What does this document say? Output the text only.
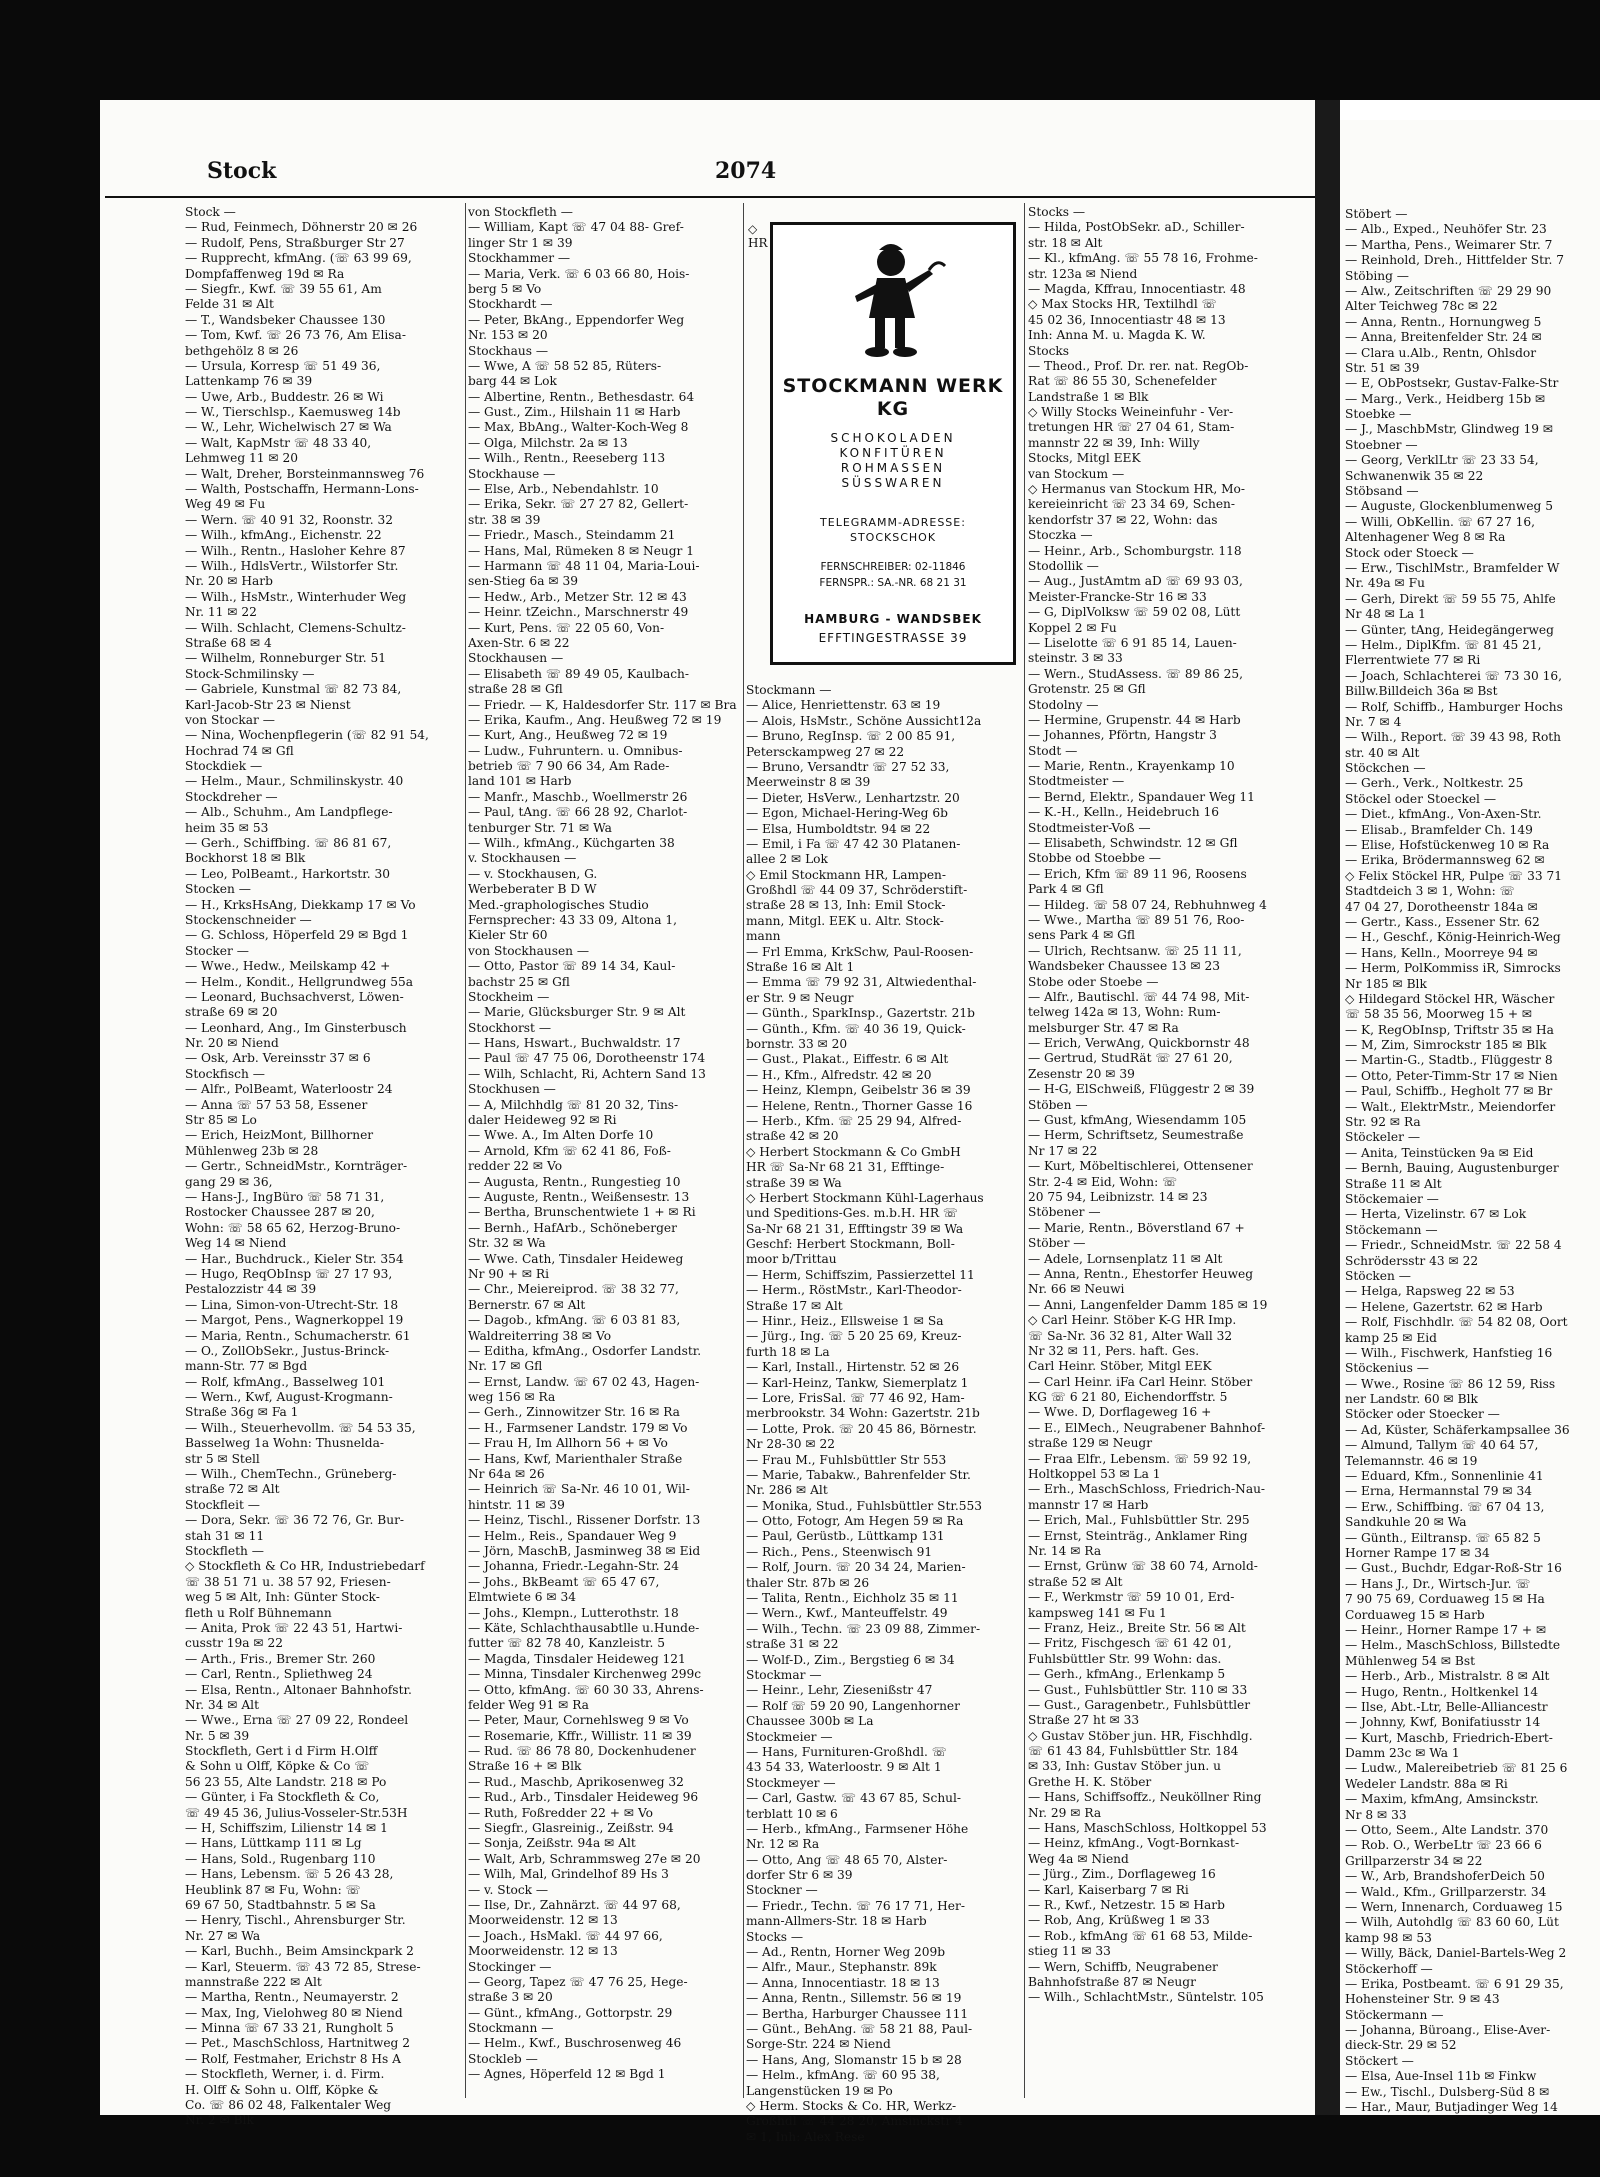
Stock	2074
Stock —
— Rud, Feinmech, Döhnerstr 20 ✉ 26
— Rudolf, Pens, Straßburger Str 27
— Rupprecht, kfmAng. (☏ 63 99 69,
Dompfaffenweg 19d ✉ Ra
— Siegfr., Kwf. ☏ 39 55 61, Am
Felde 31 ✉ Alt
— T., Wandsbeker Chaussee 130
— Tom, Kwf. ☏ 26 73 76, Am Elisa-
bethgehölz 8 ✉ 26
— Ursula, Korresp ☏ 51 49 36,
Lattenkamp 76 ✉ 39
— Uwe, Arb., Buddestr. 26 ✉ Wi
— W., Tierschlsp., Kaemusweg 14b
— W., Lehr, Wichelwisch 27 ✉ Wa
— Walt, KapMstr ☏ 48 33 40,
Lehmweg 11 ✉ 20
— Walt, Dreher, Borsteinmannsweg 76
— Walth, Postschaffn, Hermann-Lons-
Weg 49 ✉ Fu
— Wern. ☏ 40 91 32, Roonstr. 32
— Wilh., kfmAng., Eichenstr. 22
— Wilh., Rentn., Hasloher Kehre 87
— Wilh., HdlsVertr., Wilstorfer Str.
Nr. 20 ✉ Harb
— Wilh., HsMstr., Winterhuder Weg
Nr. 11 ✉ 22
— Wilh. Schlacht, Clemens-Schultz-
Straße 68 ✉ 4
— Wilhelm, Ronneburger Str. 51
Stock-Schmilinsky —
— Gabriele, Kunstmal ☏ 82 73 84,
Karl-Jacob-Str 23 ✉ Nienst
von Stockar —
— Nina, Wochenpflegerin (☏ 82 91 54,
Hochrad 74 ✉ Gfl
Stockdiek —
— Helm., Maur., Schmilinskystr. 40
Stockdreher —
— Alb., Schuhm., Am Landpflege-
heim 35 ✉ 53
— Gerh., Schiffbing. ☏ 86 81 67,
Bockhorst 18 ✉ Blk
— Leo, PolBeamt., Harkortstr. 30
Stocken —
— H., KrksHsAng, Diekkamp 17 ✉ Vo
Stockenschneider —
— G. Schloss, Höperfeld 29 ✉ Bgd 1
Stocker —
— Wwe., Hedw., Meilskamp 42 +
— Helm., Kondit., Hellgrundweg 55a
— Leonard, Buchsachverst, Löwen-
straße 69 ✉ 20
— Leonhard, Ang., Im Ginsterbusch
Nr. 20 ✉ Niend
— Osk, Arb. Vereinsstr 37 ✉ 6
Stockfisch —
— Alfr., PolBeamt, Waterloostr 24
— Anna ☏ 57 53 58, Essener
Str 85 ✉ Lo
— Erich, HeizMont, Billhorner
Mühlenweg 23b ✉ 28
— Gertr., SchneidMstr., Kornträger-
gang 29 ✉ 36,
— Hans-J., IngBüro ☏ 58 71 31,
Rostocker Chaussee 287 ✉ 20,
Wohn: ☏ 58 65 62, Herzog-Bruno-
Weg 14 ✉ Niend
— Har., Buchdruck., Kieler Str. 354
— Hugo, ReqObInsp ☏ 27 17 93,
Pestalozzistr 44 ✉ 39
— Lina, Simon-von-Utrecht-Str. 18
— Margot, Pens., Wagnerkoppel 19
— Maria, Rentn., Schumacherstr. 61
— O., ZollObSekr., Justus-Brinck-
mann-Str. 77 ✉ Bgd
— Rolf, kfmAng., Basselweg 101
— Wern., Kwf, August-Krogmann-
Straße 36g ✉ Fa 1
— Wilh., Steuerhevollm. ☏ 54 53 35,
Basselweg 1a Wohn: Thusnelda-
str 5 ✉ Stell
— Wilh., ChemTechn., Grüneberg-
straße 72 ✉ Alt
Stockfleit —
— Dora, Sekr. ☏ 36 72 76, Gr. Bur-
stah 31 ✉ 11
Stockfleth —
◇ Stockfleth & Co HR, Industriebedarf
☏ 38 51 71 u. 38 57 92, Friesen-
weg 5 ✉ Alt, Inh: Günter Stock-
fleth u Rolf Bühnemann
— Anita, Prok ☏ 22 43 51, Hartwi-
cusstr 19a ✉ 22
— Arth., Fris., Bremer Str. 260
— Carl, Rentn., Spliethweg 24
— Elsa, Rentn., Altonaer Bahnhofstr.
Nr. 34 ✉ Alt
— Wwe., Erna ☏ 27 09 22, Rondeel
Nr. 5 ✉ 39
Stockfleth, Gert i d Firm H.Olff
& Sohn u Olff, Köpke & Co ☏
56 23 55, Alte Landstr. 218 ✉ Po
— Günter, i Fa Stockfleth & Co,
☏ 49 45 36, Julius-Vosseler-Str.53H
— H, Schiffszim, Lilienstr 14 ✉ 1
— Hans, Lüttkamp 111 ✉ Lg
— Hans, Sold., Rugenbarg 110
— Hans, Lebensm. ☏ 5 26 43 28,
Heublink 87 ✉ Fu, Wohn: ☏
69 67 50, Stadtbahnstr. 5 ✉ Sa
— Henry, Tischl., Ahrensburger Str.
Nr. 27 ✉ Wa
— Karl, Buchh., Beim Amsinckpark 2
— Karl, Steuerm. ☏ 43 72 85, Strese-
mannstraße 222 ✉ Alt
— Martha, Rentn., Neumayerstr. 2
— Max, Ing, Vielohweg 80 ✉ Niend
— Minna ☏ 67 33 21, Rungholt 5
— Pet., MaschSchloss, Hartnitweg 2
— Rolf, Festmaher, Erichstr 8 Hs A
— Stockfleth, Werner, i. d. Firm.
H. Olff & Sohn u. Olff, Köpke &
Co. ☏ 86 02 48, Falkentaler Weg
Nr. 2 ✉ Blk
von Stockfleth —
— William, Kapt ☏ 47 04 88- Gref-
linger Str 1 ✉ 39
Stockhammer —
— Maria, Verk. ☏ 6 03 66 80, Hois-
berg 5 ✉ Vo
Stockhardt —
— Peter, BkAng., Eppendorfer Weg
Nr. 153 ✉ 20
Stockhaus —
— Wwe, A ☏ 58 52 85, Rüters-
barg 44 ✉ Lok
— Albertine, Rentn., Bethesdastr. 64
— Gust., Zim., Hilshain 11 ✉ Harb
— Max, BbAng., Walter-Koch-Weg 8
— Olga, Milchstr. 2a ✉ 13
— Wilh., Rentn., Reeseberg 113
Stockhause —
— Else, Arb., Nebendahlstr. 10
— Erika, Sekr. ☏ 27 27 82, Gellert-
str. 38 ✉ 39
— Friedr., Masch., Steindamm 21
— Hans, Mal, Rümeken 8 ✉ Neugr 1
— Harmann ☏ 48 11 04, Maria-Loui-
sen-Stieg 6a ✉ 39
— Hedw., Arb., Metzer Str. 12 ✉ 43
— Heinr. tZeichn., Marschnerstr 49
— Kurt, Pens. ☏ 22 05 60, Von-
Axen-Str. 6 ✉ 22
Stockhausen —
— Elisabeth ☏ 89 49 05, Kaulbach-
straße 28 ✉ Gfl
— Friedr. — K, Haldesdorfer Str. 117 ✉ Bra
— Erika, Kaufm., Ang. Heußweg 72 ✉ 19
— Kurt, Ang., Heußweg 72 ✉ 19
— Ludw., Fuhruntern. u. Omnibus-
betrieb ☏ 7 90 66 34, Am Rade-
land 101 ✉ Harb
— Manfr., Maschb., Woellmerstr 26
— Paul, tAng. ☏ 66 28 92, Charlot-
tenburger Str. 71 ✉ Wa
— Wilh., kfmAng., Küchgarten 38
v. Stockhausen —
— v. Stockhausen, G.
Werbeberater B D W
Med.-graphologisches Studio
Fernsprecher: 43 33 09, Altona 1,
Kieler Str 60
von Stockhausen —
— Otto, Pastor ☏ 89 14 34, Kaul-
bachstr 25 ✉ Gfl
Stockheim —
— Marie, Glücksburger Str. 9 ✉ Alt
Stockhorst —
— Hans, Hswart., Buchwaldstr. 17
— Paul ☏ 47 75 06, Dorotheenstr 174
— Wilh, Schlacht, Ri, Achtern Sand 13
Stockhusen —
— A, Milchhdlg ☏ 81 20 32, Tins-
daler Heideweg 92 ✉ Ri
— Wwe. A., Im Alten Dorfe 10
— Arnold, Kfm ☏ 62 41 86, Foß-
redder 22 ✉ Vo
— Augusta, Rentn., Rungestieg 10
— Auguste, Rentn., Weißensestr. 13
— Bertha, Brunschentwiete 1 + ✉ Ri
— Bernh., HafArb., Schöneberger
Str. 32 ✉ Wa
— Wwe. Cath, Tinsdaler Heideweg
Nr 90 + ✉ Ri
— Chr., Meiereiprod. ☏ 38 32 77,
Bernerstr. 67 ✉ Alt
— Dagob., kfmAng. ☏ 6 03 81 83,
Waldreiterring 38 ✉ Vo
— Editha, kfmAng., Osdorfer Landstr.
Nr. 17 ✉ Gfl
— Ernst, Landw. ☏ 67 02 43, Hagen-
weg 156 ✉ Ra
— Gerh., Zinnowitzer Str. 16 ✉ Ra
— H., Farmsener Landstr. 179 ✉ Vo
— Frau H, Im Allhorn 56 + ✉ Vo
— Hans, Kwf, Marienthaler Straße
Nr 64a ✉ 26
— Heinrich ☏ Sa-Nr. 46 10 01, Wil-
hintstr. 11 ✉ 39
— Heinz, Tischl., Rissener Dorfstr. 13
— Helm., Reis., Spandauer Weg 9
— Jörn, MaschB, Jasminweg 38 ✉ Eid
— Johanna, Friedr.-Legahn-Str. 24
— Johs., BkBeamt ☏ 65 47 67,
Elmtwiete 6 ✉ 34
— Johs., Klempn., Lutterothstr. 18
— Käte, Schlachthausabtlle u.Hunde-
futter ☏ 82 78 40, Kanzleistr. 5
— Magda, Tinsdaler Heideweg 121
— Minna, Tinsdaler Kirchenweg 299c
— Otto, kfmAng. ☏ 60 30 33, Ahrens-
felder Weg 91 ✉ Ra
— Peter, Maur, Cornehlsweg 9 ✉ Vo
— Rosemarie, Kffr., Willistr. 11 ✉ 39
— Rud. ☏ 86 78 80, Dockenhudener
Straße 16 + ✉ Blk
— Rud., Maschb, Aprikosenweg 32
— Rud., Arb., Tinsdaler Heideweg 96
— Ruth, Foßredder 22 + ✉ Vo
— Siegfr., Glasreinig., Zeißstr. 94
— Sonja, Zeißstr. 94a ✉ Alt
— Walt, Arb, Schrammsweg 27e ✉ 20
— Wilh, Mal, Grindelhof 89 Hs 3
— v. Stock —
— Ilse, Dr., Zahnärzt. ☏ 44 97 68,
Moorweidenstr. 12 ✉ 13
— Joach., HsMakl. ☏ 44 97 66,
Moorweidenstr. 12 ✉ 13
Stockinger —
— Georg, Tapez ☏ 47 76 25, Hege-
straße 3 ✉ 20
— Günt., kfmAng., Gottorpstr. 29
Stockmann —
— Helm., Kwf., Buschrosenweg 46
Stockleb —
— Agnes, Höperfeld 12 ✉ Bgd 1
Stockmann —
— Alice, Henriettenstr. 63 ✉ 19
— Alois, HsMstr., Schöne Aussicht12a
— Bruno, RegInsp. ☏ 2 00 85 91,
Petersckampweg 27 ✉ 22
— Bruno, Versandtr ☏ 27 52 33,
Meerweinstr 8 ✉ 39
— Dieter, HsVerw., Lenhartzstr. 20
— Egon, Michael-Hering-Weg 6b
— Elsa, Humboldtstr. 94 ✉ 22
— Emil, i Fa ☏ 47 42 30 Platanen-
allee 2 ✉ Lok
◇ Emil Stockmann HR, Lampen-
Großhdl ☏ 44 09 37, Schröderstift-
straße 28 ✉ 13, Inh: Emil Stock-
mann, Mitgl. EEK u. Altr. Stock-
mann
— Frl Emma, KrkSchw, Paul-Roosen-
Straße 16 ✉ Alt 1
— Emma ☏ 79 92 31, Altwiedenthal-
er Str. 9 ✉ Neugr
— Günth., SparkInsp., Gazertstr. 21b
— Günth., Kfm. ☏ 40 36 19, Quick-
bornstr. 33 ✉ 20
— Gust., Plakat., Eiffestr. 6 ✉ Alt
— H., Kfm., Alfredstr. 42 ✉ 20
— Heinz, Klempn, Geibelstr 36 ✉ 39
— Helene, Rentn., Thorner Gasse 16
— Herb., Kfm. ☏ 25 29 94, Alfred-
straße 42 ✉ 20
◇ Herbert Stockmann & Co GmbH
HR ☏ Sa-Nr 68 21 31, Efftinge-
straße 39 ✉ Wa
◇ Herbert Stockmann Kühl-Lagerhaus
und Speditions-Ges. m.b.H. HR ☏
Sa-Nr 68 21 31, Efftingstr 39 ✉ Wa
Geschf: Herbert Stockmann, Boll-
moor b/Trittau
— Herm, Schiffszim, Passierzettel 11
— Herm., RöstMstr., Karl-Theodor-
Straße 17 ✉ Alt
— Hinr., Heiz., Ellsweise 1 ✉ Sa
— Jürg., Ing. ☏ 5 20 25 69, Kreuz-
furth 18 ✉ La
— Karl, Install., Hirtenstr. 52 ✉ 26
— Karl-Heinz, Tankw, Siemerplatz 1
— Lore, FrisSal. ☏ 77 46 92, Ham-
merbrookstr. 34 Wohn: Gazertstr. 21b
— Lotte, Prok. ☏ 20 45 86, Börnestr.
Nr 28-30 ✉ 22
— Frau M., Fuhlsbüttler Str 553
— Marie, Tabakw., Bahrenfelder Str.
Nr. 286 ✉ Alt
— Monika, Stud., Fuhlsbüttler Str.553
— Otto, Fotogr, Am Hegen 59 ✉ Ra
— Paul, Gerüstb., Lüttkamp 131
— Rich., Pens., Steenwisch 91
— Rolf, Journ. ☏ 20 34 24, Marien-
thaler Str. 87b ✉ 26
— Talita, Rentn., Eichholz 35 ✉ 11
— Wern., Kwf., Manteuffelstr. 49
— Wilh., Techn. ☏ 23 09 88, Zimmer-
straße 31 ✉ 22
— Wolf-D., Zim., Bergstieg 6 ✉ 34
Stockmar —
— Heinr., Lehr, Ziesenißstr 47
— Rolf ☏ 59 20 90, Langenhorner
Chaussee 300b ✉ La
Stockmeier —
— Hans, Furnituren-Großhdl. ☏
43 54 33, Waterloostr. 9 ✉ Alt 1
Stockmeyer —
— Carl, Gastw. ☏ 43 67 85, Schul-
terblatt 10 ✉ 6
— Herb., kfmAng., Farmsener Höhe
Nr. 12 ✉ Ra
— Otto, Ang ☏ 48 65 70, Alster-
dorfer Str 6 ✉ 39
Stockner —
— Friedr., Techn. ☏ 76 17 71, Her-
mann-Allmers-Str. 18 ✉ Harb
Stocks —
— Ad., Rentn, Horner Weg 209b
— Alfr., Maur., Stephanstr. 89k
— Anna, Innocentiastr. 18 ✉ 13
— Anna, Rentn., Sillemstr. 56 ✉ 19
— Bertha, Harburger Chaussee 111
— Günt., BehAng. ☏ 58 21 88, Paul-
Sorge-Str. 224 ✉ Niend
— Hans, Ang, Slomanstr 15 b ✉ 28
— Helm., kfmAng. ☏ 60 95 38,
Langenstücken 19 ✉ Po
◇ Herm. Stocks & Co. HR, Werkz-
Großhdl ☏ 44 28 20, Amsinckstr 4
✉ 1, Inh: Alex Rese
Stocks —
— Hilda, PostObSekr. aD., Schiller-
str. 18 ✉ Alt
— Kl., kfmAng. ☏ 55 78 16, Frohme-
str. 123a ✉ Niend
— Magda, Kffrau, Innocentiastr. 48
◇ Max Stocks HR, Textilhdl ☏
45 02 36, Innocentiastr 48 ✉ 13
Inh: Anna M. u. Magda K. W.
Stocks
— Theod., Prof. Dr. rer. nat. RegOb-
Rat ☏ 86 55 30, Schenefelder
Landstraße 1 ✉ Blk
◇ Willy Stocks Weineinfuhr - Ver-
tretungen HR ☏ 27 04 61, Stam-
mannstr 22 ✉ 39, Inh: Willy
Stocks, Mitgl EEK
van Stockum —
◇ Hermanus van Stockum HR, Mo-
kereieinricht ☏ 23 34 69, Schen-
kendorfstr 37 ✉ 22, Wohn: das
Stoczka —
— Heinr., Arb., Schomburgstr. 118
Stodollik —
— Aug., JustAmtm aD ☏ 69 93 03,
Meister-Francke-Str 16 ✉ 33
— G, DiplVolksw ☏ 59 02 08, Lütt
Koppel 2 ✉ Fu
— Liselotte ☏ 6 91 85 14, Lauen-
steinstr. 3 ✉ 33
— Wern., StudAssess. ☏ 89 86 25,
Grotenstr. 25 ✉ Gfl
Stodolny —
— Hermine, Grupenstr. 44 ✉ Harb
— Johannes, Pförtn, Hangstr 3
Stodt —
— Marie, Rentn., Krayenkamp 10
Stodtmeister —
— Bernd, Elektr., Spandauer Weg 11
— K.-H., Kelln., Heidebruch 16
Stodtmeister-Voß —
— Elisabeth, Schwindstr. 12 ✉ Gfl
Stobbe od Stoebbe —
— Erich, Kfm ☏ 89 11 96, Roosens
Park 4 ✉ Gfl
— Hildeg. ☏ 58 07 24, Rebhuhnweg 4
— Wwe., Martha ☏ 89 51 76, Roo-
sens Park 4 ✉ Gfl
— Ulrich, Rechtsanw. ☏ 25 11 11,
Wandsbeker Chaussee 13 ✉ 23
Stobe oder Stoebe —
— Alfr., Bautischl. ☏ 44 74 98, Mit-
telweg 142a ✉ 13, Wohn: Rum-
melsburger Str. 47 ✉ Ra
— Erich, VerwAng, Quickbornstr 48
— Gertrud, StudRät ☏ 27 61 20,
Zesenstr 20 ✉ 39
— H-G, ElSchweiß, Flüggestr 2 ✉ 39
Stöben —
— Gust, kfmAng, Wiesendamm 105
— Herm, Schriftsetz, Seumestraße
Nr 17 ✉ 22
— Kurt, Möbeltischlerei, Ottensener
Str. 2-4 ✉ Eid, Wohn: ☏
20 75 94, Leibnizstr. 14 ✉ 23
Stöbener —
— Marie, Rentn., Böverstland 67 +
Stöber —
— Adele, Lornsenplatz 11 ✉ Alt
— Anna, Rentn., Ehestorfer Heuweg
Nr. 66 ✉ Neuwi
— Anni, Langenfelder Damm 185 ✉ 19
◇ Carl Heinr. Stöber K-G HR Imp.
☏ Sa-Nr. 36 32 81, Alter Wall 32
Nr 32 ✉ 11, Pers. haft. Ges.
Carl Heinr. Stöber, Mitgl EEK
— Carl Heinr. iFa Carl Heinr. Stöber
KG ☏ 6 21 80, Eichendorffstr. 5
— Wwe. D, Dorflageweg 16 +
— E., ElMech., Neugrabener Bahnhof-
straße 129 ✉ Neugr
— Fraa Elfr., Lebensm. ☏ 59 92 19,
Holtkoppel 53 ✉ La 1
— Erh., MaschSchloss, Friedrich-Nau-
mannstr 17 ✉ Harb
— Erich, Mal., Fuhlsbüttler Str. 295
— Ernst, Steinträg., Anklamer Ring
Nr. 14 ✉ Ra
— Ernst, Grünw ☏ 38 60 74, Arnold-
straße 52 ✉ Alt
— F., Werkmstr ☏ 59 10 01, Erd-
kampsweg 141 ✉ Fu 1
— Franz, Heiz., Breite Str. 56 ✉ Alt
— Fritz, Fischgesch ☏ 61 42 01,
Fuhlsbüttler Str. 99 Wohn: das.
— Gerh., kfmAng., Erlenkamp 5
— Gust., Fuhlsbüttler Str. 110 ✉ 33
— Gust., Garagenbetr., Fuhlsbüttler
Straße 27 ht ✉ 33
◇ Gustav Stöber jun. HR, Fischhdlg.
☏ 61 43 84, Fuhlsbüttler Str. 184
✉ 33, Inh: Gustav Stöber jun. u
Grethe H. K. Stöber
— Hans, Schiffsoffz., Neuköllner Ring
Nr. 29 ✉ Ra
— Hans, MaschSchloss, Holtkoppel 53
— Heinz, kfmAng., Vogt-Bornkast-
Weg 4a ✉ Niend
— Jürg., Zim., Dorflageweg 16
— Karl, Kaiserbarg 7 ✉ Ri
— R., Kwf., Netzestr. 15 ✉ Harb
— Rob, Ang, Krüßweg 1 ✉ 33
— Rob., kfmAng ☏ 61 68 53, Milde-
stieg 11 ✉ 33
— Wern, Schiffb, Neugrabener
Bahnhofstraße 87 ✉ Neugr
— Wilh., SchlachtMstr., Süntelstr. 105
Stöbert —
— Alb., Exped., Neuhöfer Str. 23
— Martha, Pens., Weimarer Str. 7
— Reinhold, Dreh., Hittfelder Str. 7
Stöbing —
— Alw., Zeitschriften ☏ 29 29 90
Alter Teichweg 78c ✉ 22
— Anna, Rentn., Hornungweg 5
— Anna, Breitenfelder Str. 24 ✉
— Clara u.Alb., Rentn, Ohlsdor
Str. 51 ✉ 39
— E, ObPostsekr, Gustav-Falke-Str
— Marg., Verk., Heidberg 15b ✉
Stoebke —
— J., MaschbMstr, Glindweg 19 ✉
Stoebner —
— Georg, VerklLtr ☏ 23 33 54,
Schwanenwik 35 ✉ 22
Stöbsand —
— Auguste, Glockenblumenweg 5
— Willi, ObKellin. ☏ 67 27 16,
Altenhagener Weg 8 ✉ Ra
Stock oder Stoeck —
— Erw., TischlMstr., Bramfelder W
Nr. 49a ✉ Fu
— Gerh, Direkt ☏ 59 55 75, Ahlfe
Nr 48 ✉ La 1
— Günter, tAng, Heidegängerweg
— Helm., DiplKfm. ☏ 81 45 21,
Flerrentwiete 77 ✉ Ri
— Joach, Schlachterei ☏ 73 30 16,
Billw.Billdeich 36a ✉ Bst
— Rolf, Schiffb., Hamburger Hochs
Nr. 7 ✉ 4
— Wilh., Report. ☏ 39 43 98, Roth
str. 40 ✉ Alt
Stöckchen —
— Gerh., Verk., Noltkestr. 25
Stöckel oder Stoeckel —
— Diet., kfmAng., Von-Axen-Str.
— Elisab., Bramfelder Ch. 149
— Elise, Hofstückenweg 10 ✉ Ra
— Erika, Brödermannsweg 62 ✉
◇ Felix Stöckel HR, Pulpe ☏ 33 71
Stadtdeich 3 ✉ 1, Wohn: ☏
47 04 27, Dorotheenstr 184a ✉
— Gertr., Kass., Essener Str. 62
— H., Geschf., König-Heinrich-Weg
— Hans, Kelln., Moorreye 94 ✉
— Herm, PolKommiss iR, Simrocks
Nr 185 ✉ Blk
◇ Hildegard Stöckel HR, Wäscher
☏ 58 35 56, Moorweg 15 + ✉
— K, RegObInsp, Triftstr 35 ✉ Ha
— M, Zim, Simrockstr 185 ✉ Blk
— Martin-G., Stadtb., Flüggestr 8
— Otto, Peter-Timm-Str 17 ✉ Nien
— Paul, Schiffb., Hegholt 77 ✉ Br
— Walt., ElektrMstr., Meiendorfer
Str. 92 ✉ Ra
Stöckeler —
— Anita, Teinstücken 9a ✉ Eid
— Bernh, Bauing, Augustenburger
Straße 11 ✉ Alt
Stöckemaier —
— Herta, Vizelinstr. 67 ✉ Lok
Stöckemann —
— Friedr., SchneidMstr. ☏ 22 58 4
Schrödersstr 43 ✉ 22
Stöcken —
— Helga, Rapsweg 22 ✉ 53
— Helene, Gazertstr. 62 ✉ Harb
— Rolf, Fischhdlr. ☏ 54 82 08, Oort
kamp 25 ✉ Eid
— Wilh., Fischwerk, Hanfstieg 16
Stöckenius —
— Wwe., Rosine ☏ 86 12 59, Riss
ner Landstr. 60 ✉ Blk
Stöcker oder Stoecker —
— Ad, Küster, Schäferkampsallee 36
— Almund, Tallym ☏ 40 64 57,
Telemannstr. 46 ✉ 19
— Eduard, Kfm., Sonnenlinie 41
— Erna, Hermannstal 79 ✉ 34
— Erw., Schiffbing. ☏ 67 04 13,
Sandkuhle 20 ✉ Wa
— Günth., Eiltransp. ☏ 65 82 5
Horner Rampe 17 ✉ 34
— Gust., Buchdr, Edgar-Roß-Str 16
— Hans J., Dr., Wirtsch-Jur. ☏
7 90 75 69, Corduaweg 15 ✉ Ha
Corduaweg 15 ✉ Harb
— Heinr., Horner Rampe 17 + ✉
— Helm., MaschSchloss, Billstedte
Mühlenweg 54 ✉ Bst
— Herb., Arb., Mistralstr. 8 ✉ Alt
— Hugo, Rentn., Holtkenkel 14
— Ilse, Abt.-Ltr, Belle-Alliancestr
— Johnny, Kwf, Bonifatiusstr 14
— Kurt, Maschb, Friedrich-Ebert-
Damm 23c ✉ Wa 1
— Ludw., Malereibetrieb ☏ 81 25 6
Wedeler Landstr. 88a ✉ Ri
— Maxim, kfmAng, Amsinckstr.
Nr 8 ✉ 33
— Otto, Seem., Alte Landstr. 370
— Rob. O., WerbeLtr ☏ 23 66 6
Grillparzerstr 34 ✉ 22
— W., Arb, BrandshoferDeich 50
— Wald., Kfm., Grillparzerstr. 34
— Wern, Innenarch, Corduaweg 15
— Wilh, Autohdlg ☏ 83 60 60, Lüt
kamp 98 ✉ 53
— Willy, Bäck, Daniel-Bartels-Weg 2
Stöckerhoff —
— Erika, Postbeamt. ☏ 6 91 29 35,
Hohensteiner Str. 9 ✉ 43
Stöckermann —
— Johanna, Büroang., Elise-Aver-
dieck-Str. 29 ✉ 52
Stöckert —
— Elsa, Aue-Insel 11b ✉ Finkw
— Ew., Tischl., Dulsberg-Süd 8 ✉
— Har., Maur, Butjadinger Weg 14
◇
HR
STOCKMANN WERK
KG
SCHOKOLADEN
KONFITÜREN
ROHMASSEN
SÜSSWAREN
TELEGRAMM-ADRESSE:
STOCKSCHOK
FERNSCHREIBER: 02-11846
FERNSPR.: SA.-NR. 68 21 31
HAMBURG - WANDSBEK
EFFTINGESTRASSE 39
